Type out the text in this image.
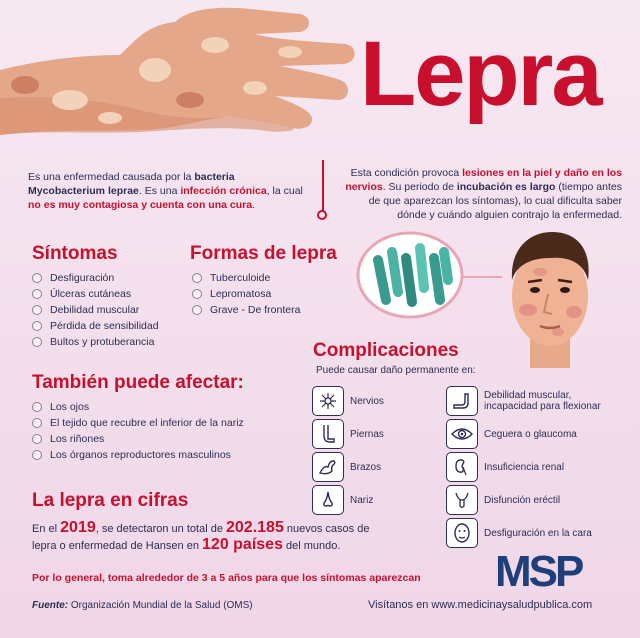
Lepra
Es una enfermedad causada por la bacteria Mycobacterium leprae. Es una infección crónica, la cual no es muy contagiosa y cuenta con una cura.
Esta condición provoca lesiones en la piel y daño en los nervios. Su periodo de incubación es largo (tiempo antes de que aparezcan los síntomas), lo cual dificulta saber dónde y cuándo alguien contrajo la enfermedad.
Síntomas
Desfiguración
Úlceras cutáneas
Debilidad muscular
Pérdida de sensibilidad
Bultos y protuberancia
Formas de lepra
Tuberculoide
Lepromatosa
Grave - De frontera
Complicaciones
Puede causar daño permanente en:
Nervios
Piernas
Brazos
Nariz
Debilidad muscular, incapacidad para flexionar
Ceguera o glaucoma
Insuficiencia renal
Disfunción eréctil
Desfiguración en la cara
También puede afectar:
Los ojos
El tejido que recubre el inferior de la nariz
Los riñones
Los órganos reproductores masculinos
La lepra en cifras
En el 2019, se detectaron un total de 202.185 nuevos casos de lepra o enfermedad de Hansen en 120 países del mundo.
Por lo general, toma alrededor de 3 a 5 años para que los síntomas aparezcan MSP
Fuente: Organización Mundial de la Salud (OMS)	Visítanos en www.medicinaysaludpublica.com
